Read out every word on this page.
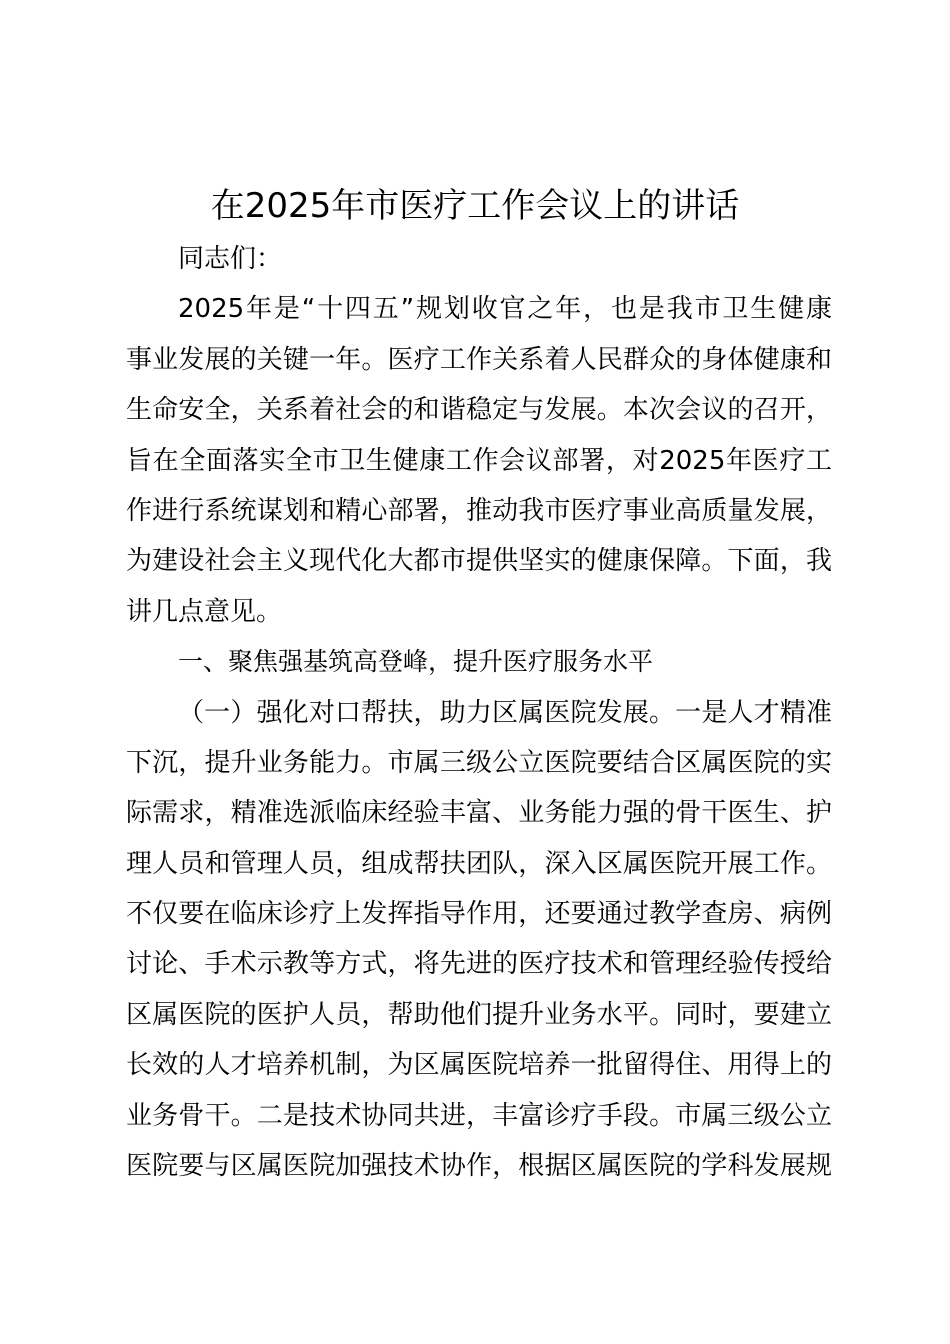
在2025年市医疗工作会议上的讲话
同志们：
2025年是“十四五”规划收官之年，也是我市卫生健康
事业发展的关键一年。医疗工作关系着人民群众的身体健康和
生命安全，关系着社会的和谐稳定与发展。本次会议的召开，
旨在全面落实全市卫生健康工作会议部署，对2025年医疗工
作进行系统谋划和精心部署，推动我市医疗事业高质量发展，
为建设社会主义现代化大都市提供坚实的健康保障。下面，我
讲几点意见。
一、聚焦强基筑高登峰，提升医疗服务水平
（一）强化对口帮扶，助力区属医院发展。一是人才精准
下沉，提升业务能力。市属三级公立医院要结合区属医院的实
际需求，精准选派临床经验丰富、业务能力强的骨干医生、护
理人员和管理人员，组成帮扶团队，深入区属医院开展工作。
不仅要在临床诊疗上发挥指导作用，还要通过教学查房、病例
讨论、手术示教等方式，将先进的医疗技术和管理经验传授给
区属医院的医护人员，帮助他们提升业务水平。同时，要建立
长效的人才培养机制，为区属医院培养一批留得住、用得上的
业务骨干。二是技术协同共进，丰富诊疗手段。市属三级公立
医院要与区属医院加强技术协作，根据区属医院的学科发展规
